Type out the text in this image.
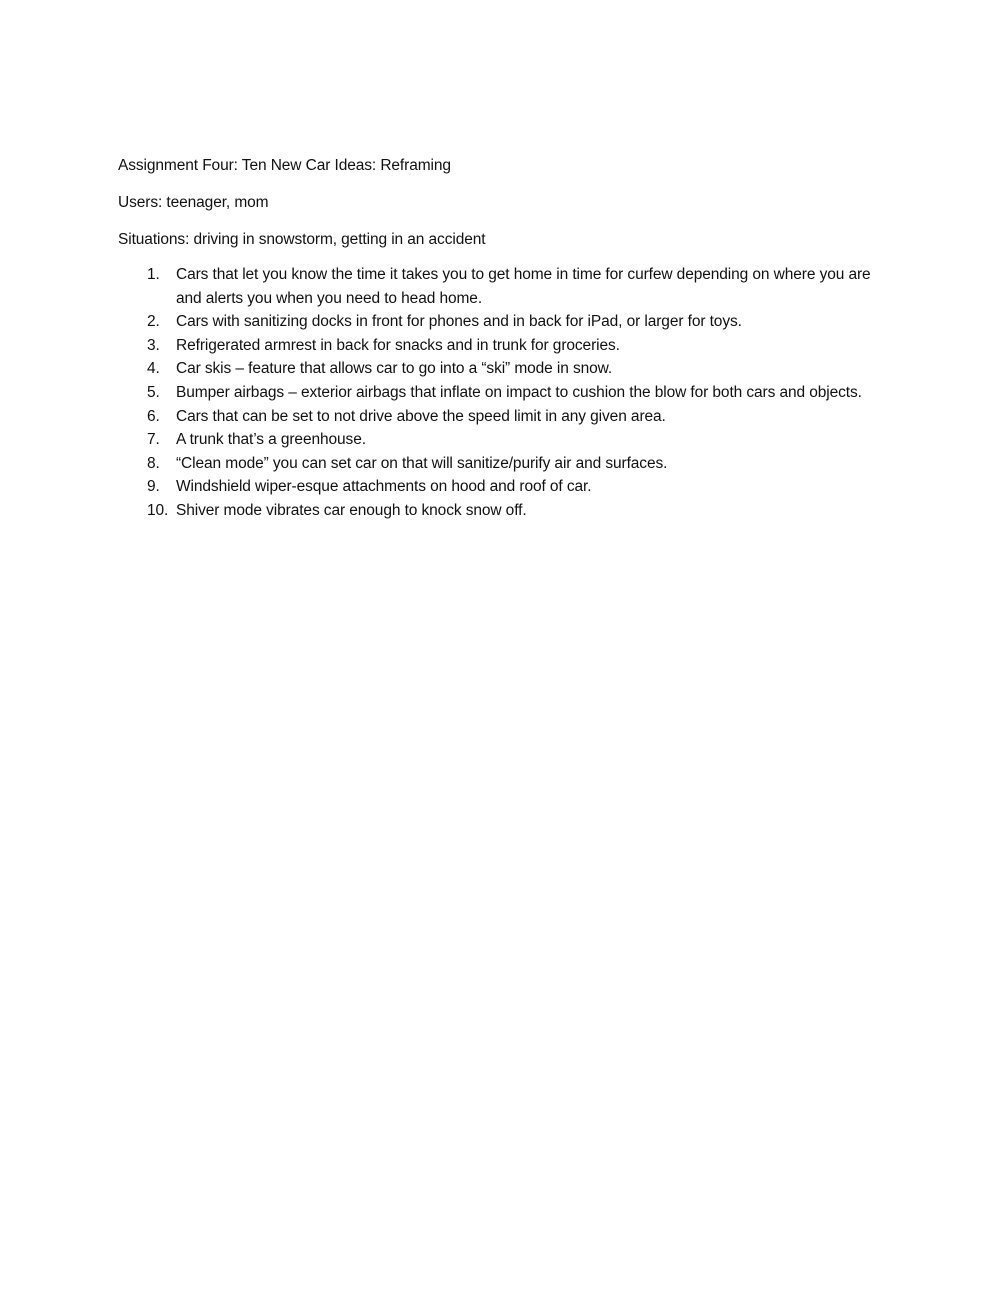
Assignment Four: Ten New Car Ideas: Reframing

Users: teenager, mom

Situations: driving in snowstorm, getting in an accident

1. Cars that let you know the time it takes you to get home in time for curfew depending on where you are and alerts you when you need to head home.
2. Cars with sanitizing docks in front for phones and in back for iPad, or larger for toys.
3. Refrigerated armrest in back for snacks and in trunk for groceries.
4. Car skis – feature that allows car to go into a “ski” mode in snow.
5. Bumper airbags – exterior airbags that inflate on impact to cushion the blow for both cars and objects.
6. Cars that can be set to not drive above the speed limit in any given area.
7. A trunk that’s a greenhouse.
8. “Clean mode” you can set car on that will sanitize/purify air and surfaces.
9. Windshield wiper-esque attachments on hood and roof of car.
10. Shiver mode vibrates car enough to knock snow off.
